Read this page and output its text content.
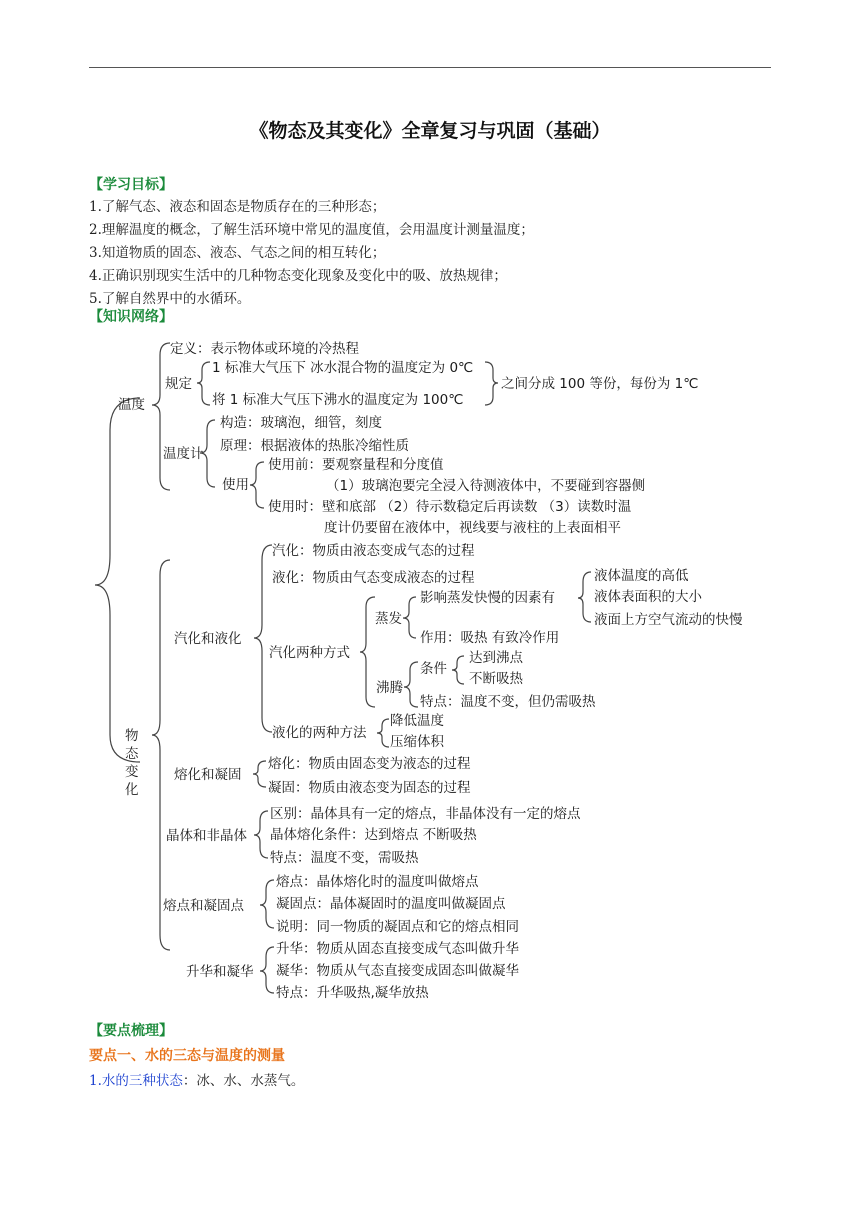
《物态及其变化》全章复习与巩固（基础）
【学习目标】
1.了解气态、液态和固态是物质存在的三种形态；
2.理解温度的概念，了解生活环境中常见的温度值，会用温度计测量温度；
3.知道物质的固态、液态、气态之间的相互转化；
4.正确识别现实生活中的几种物态变化现象及变化中的吸、放热规律；
5.了解自然界中的水循环。
【知识网络】
温度
定义：表示物体或环境的冷热程
规定
1 标准大气压下 冰水混合物的温度定为 0℃
将 1 标准大气压下沸水的温度定为 100℃
之间分成 100 等份，每份为 1℃
温度计
构造：玻璃泡，细管，刻度
原理：根据液体的热胀冷缩性质
使用
使用前：要观察量程和分度值
（1）玻璃泡要完全浸入待测液体中，不要碰到容器侧
使用时：壁和底部 （2）待示数稳定后再读数 （3）读数时温
度计仍要留在液体中，视线要与液柱的上表面相平
物
态
变
化
汽化和液化
汽化：物质由液态变成气态的过程
液化：物质由气态变成液态的过程
汽化两种方式
蒸发
影响蒸发快慢的因素有
液体温度的高低
液体表面积的大小
液面上方空气流动的快慢
作用：吸热 有致冷作用
沸腾
条件
达到沸点
不断吸热
特点：温度不变，但仍需吸热
液化的两种方法
降低温度
压缩体积
熔化和凝固
熔化：物质由固态变为液态的过程
凝固：物质由液态变为固态的过程
晶体和非晶体
区别：晶体具有一定的熔点，非晶体没有一定的熔点
晶体熔化条件：达到熔点 不断吸热
特点：温度不变，需吸热
熔点和凝固点
熔点：晶体熔化时的温度叫做熔点
凝固点：晶体凝固时的温度叫做凝固点
说明：同一物质的凝固点和它的熔点相同
升华和凝华
升华：物质从固态直接变成气态叫做升华
凝华：物质从气态直接变成固态叫做凝华
特点：升华吸热,凝华放热
【要点梳理】
要点一、水的三态与温度的测量
1.水的三种状态：冰、水、水蒸气。
